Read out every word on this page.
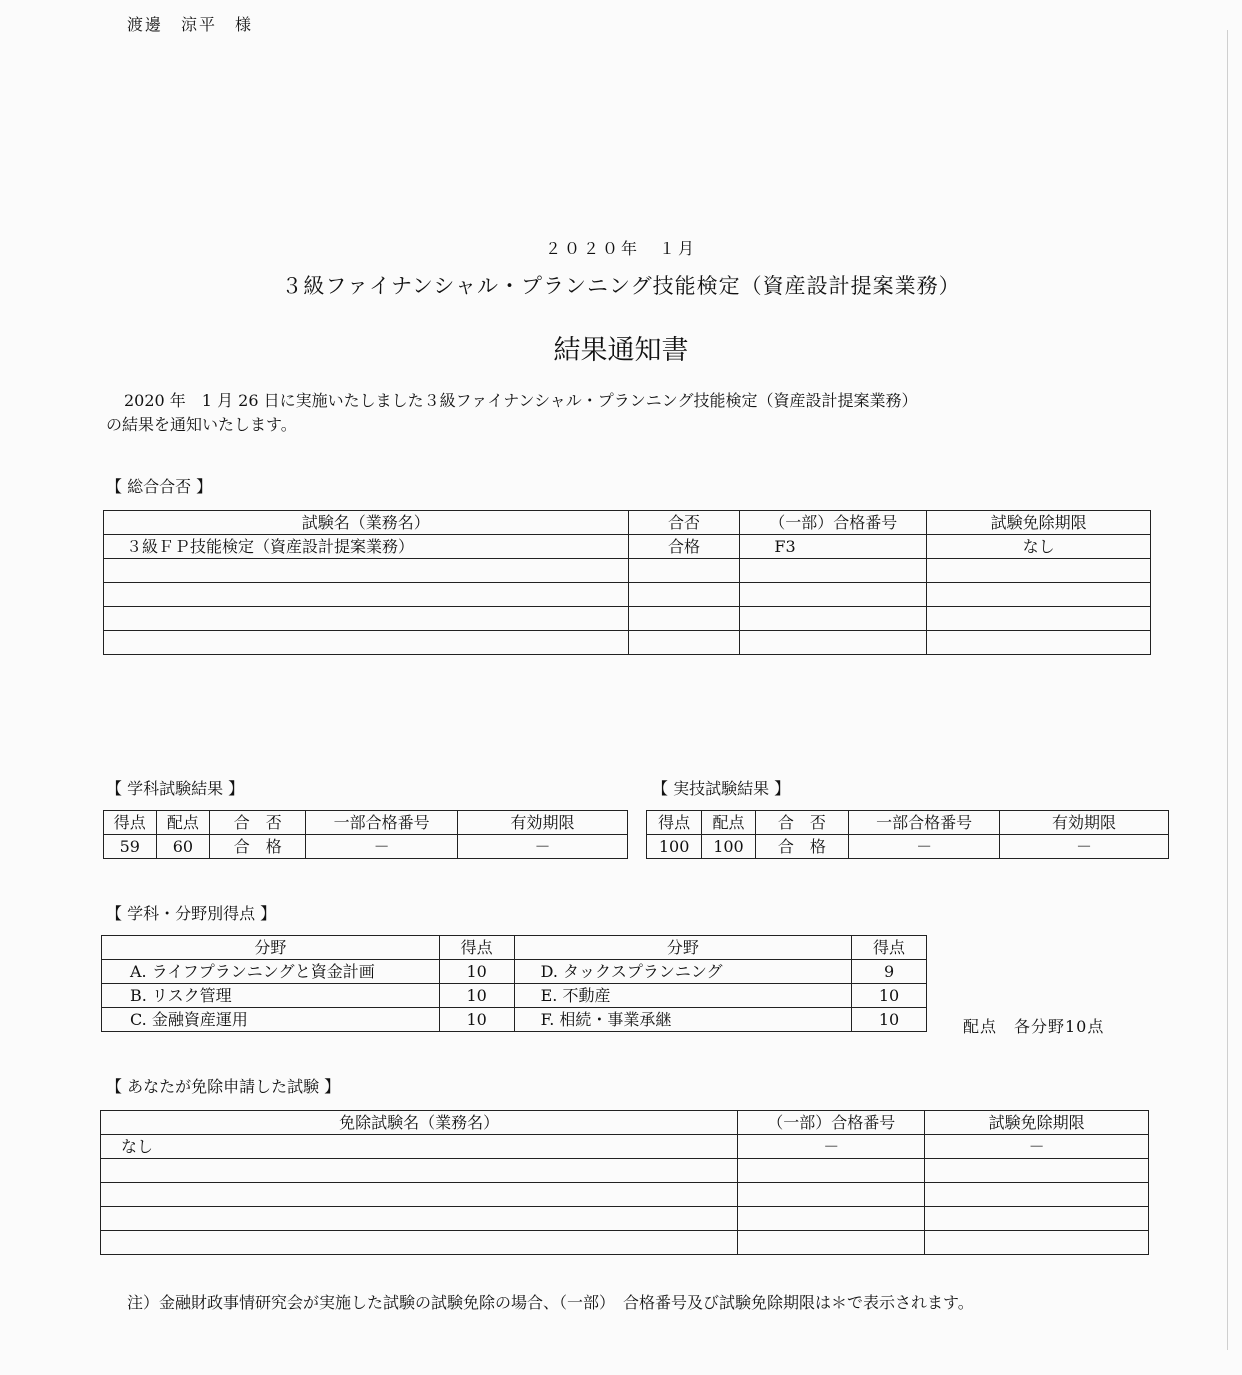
渡邊　涼平　様
２０２０年　１月
３級ファイナンシャル・プランニング技能検定（資産設計提案業務）
結果通知書
2020 年　1 月 26 日に実施いたしました３級ファイナンシャル・プランニング技能検定（資産設計提案業務）
の結果を通知いたします。
【 総合合否 】
試験名（業務名）	合否	（一部）合格番号	試験免除期限
３級ＦＰ技能検定（資産設計提案業務）	合格	F3	なし

【 学科試験結果 】
得点	配点	合　否	一部合格番号	有効期限
59	60	合　格	－	－
【 実技試験結果 】
得点	配点	合　否	一部合格番号	有効期限
100	100	合　格	－	－
【 学科・分野別得点 】
分野	得点	分野	得点
A. ライフプランニングと資金計画	10	D. タックスプランニング	9
B. リスク管理	10	E. 不動産	10
C. 金融資産運用	10	F. 相続・事業承継	10	配点　各分野10点
【 あなたが免除申請した試験 】
免除試験名（業務名）	（一部）合格番号	試験免除期限
なし	－	－

注）金融財政事情研究会が実施した試験の試験免除の場合、（一部）　合格番号及び試験免除期限は＊で表示されます。
